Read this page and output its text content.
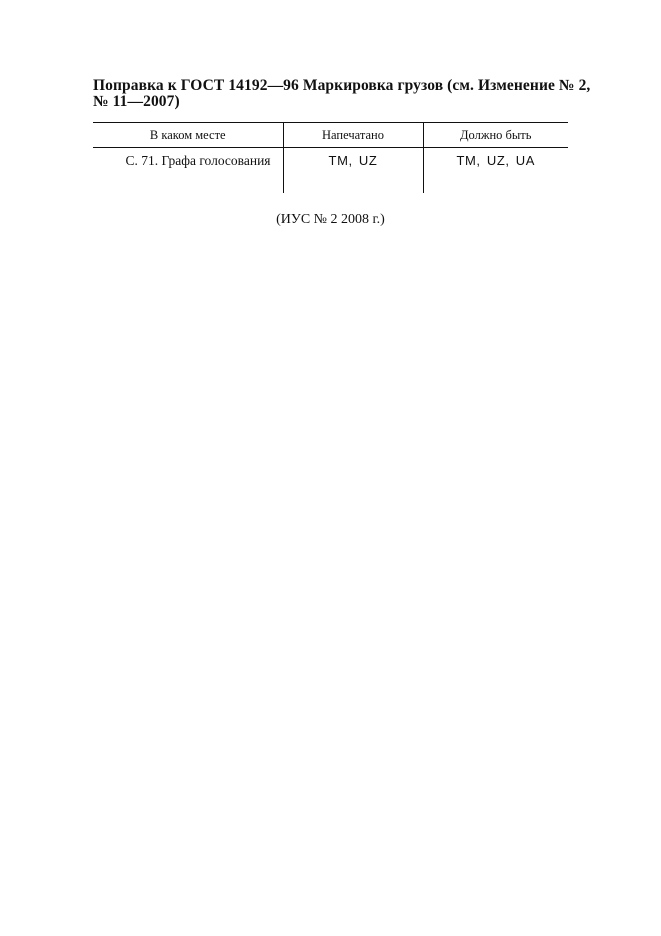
Поправка к ГОСТ 14192—96 Маркировка грузов (см. Изменение № 2,
№ 11—2007)
В каком месте	Напечатано	Должно быть
С. 71. Графа голосования	TM, UZ	TM, UZ, UA
(ИУС № 2 2008 г.)
